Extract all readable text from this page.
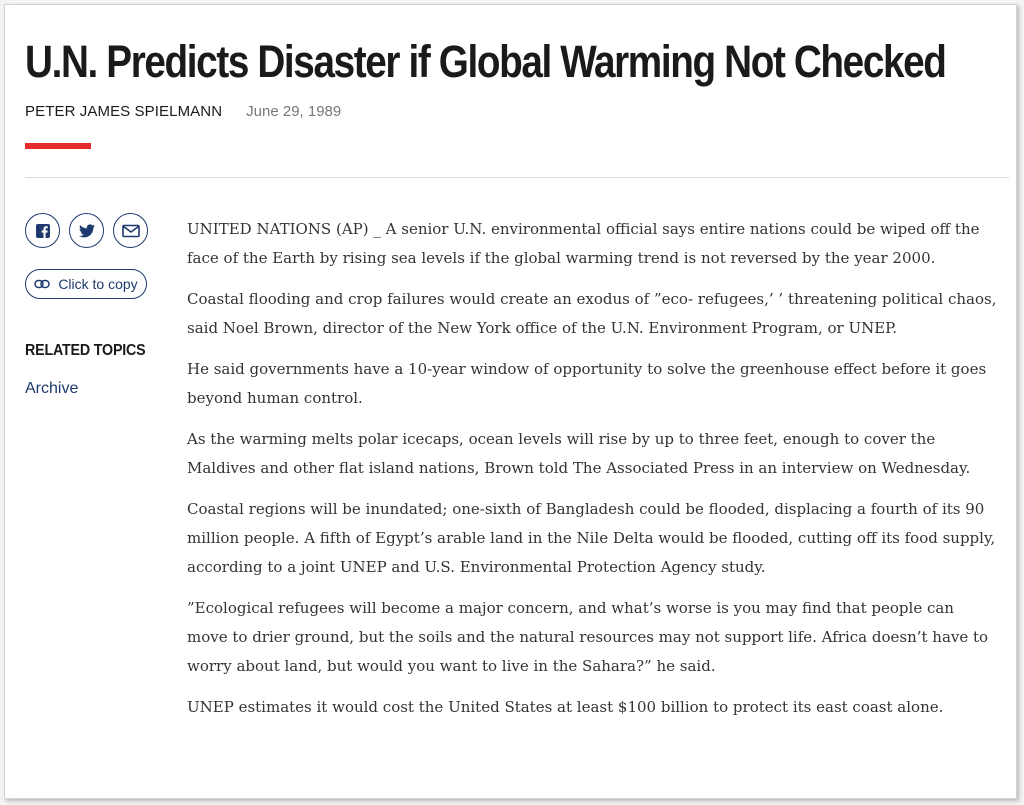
U.N. Predicts Disaster if Global Warming Not Checked
PETER JAMES SPIELMANN June 29, 1989
Click to copy
RELATED TOPICS
Archive

UNITED NATIONS (AP) _ A senior U.N. environmental official says entire nations could be wiped off the face of the Earth by rising sea levels if the global warming trend is not reversed by the year 2000.

Coastal flooding and crop failures would create an exodus of ”eco- refugees,’ ’ threatening political chaos, said Noel Brown, director of the New York office of the U.N. Environment Program, or UNEP.

He said governments have a 10-year window of opportunity to solve the greenhouse effect before it goes beyond human control.

As the warming melts polar icecaps, ocean levels will rise by up to three feet, enough to cover the Maldives and other flat island nations, Brown told The Associated Press in an interview on Wednesday.

Coastal regions will be inundated; one-sixth of Bangladesh could be flooded, displacing a fourth of its 90 million people. A fifth of Egypt’s arable land in the Nile Delta would be flooded, cutting off its food supply, according to a joint UNEP and U.S. Environmental Protection Agency study.

”Ecological refugees will become a major concern, and what’s worse is you may find that people can move to drier ground, but the soils and the natural resources may not support life. Africa doesn’t have to worry about land, but would you want to live in the Sahara?” he said.

UNEP estimates it would cost the United States at least $100 billion to protect its east coast alone.
